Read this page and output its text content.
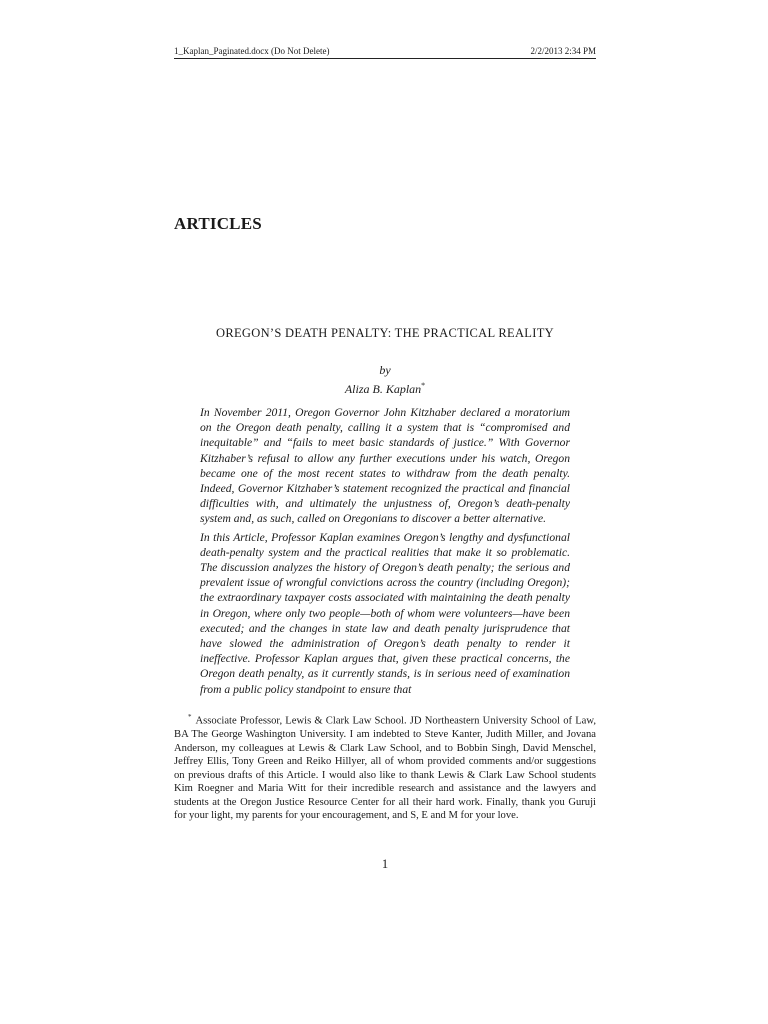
1_Kaplan_Paginated.docx (Do Not Delete)	2/2/2013 2:34 PM
ARTICLES
OREGON’S DEATH PENALTY: THE PRACTICAL REALITY
by
Aliza B. Kaplan*

In November 2011, Oregon Governor John Kitzhaber declared a moratorium on the Oregon death penalty, calling it a system that is “compromised and inequitable” and “fails to meet basic standards of justice.” With Governor Kitzhaber’s refusal to allow any further executions under his watch, Oregon became one of the most recent states to withdraw from the death penalty. Indeed, Governor Kitzhaber’s statement recognized the practical and financial difficulties with, and ultimately the unjustness of, Oregon’s death-penalty system and, as such, called on Oregonians to discover a better alternative.

In this Article, Professor Kaplan examines Oregon’s lengthy and dysfunctional death-penalty system and the practical realities that make it so problematic. The discussion analyzes the history of Oregon’s death penalty; the serious and prevalent issue of wrongful convictions across the country (including Oregon); the extraordinary taxpayer costs associated with maintaining the death penalty in Oregon, where only two people—both of whom were volunteers—have been executed; and the changes in state law and death penalty jurisprudence that have slowed the administration of Oregon’s death penalty to render it ineffective. Professor Kaplan argues that, given these practical concerns, the Oregon death penalty, as it currently stands, is in serious need of examination from a public policy standpoint to ensure that

* Associate Professor, Lewis & Clark Law School. JD Northeastern University School of Law, BA The George Washington University. I am indebted to Steve Kanter, Judith Miller, and Jovana Anderson, my colleagues at Lewis & Clark Law School, and to Bobbin Singh, David Menschel, Jeffrey Ellis, Tony Green and Reiko Hillyer, all of whom provided comments and/or suggestions on previous drafts of this Article. I would also like to thank Lewis & Clark Law School students Kim Roegner and Maria Witt for their incredible research and assistance and the lawyers and students at the Oregon Justice Resource Center for all their hard work. Finally, thank you Guruji for your light, my parents for your encouragement, and S, E and M for your love.
1
